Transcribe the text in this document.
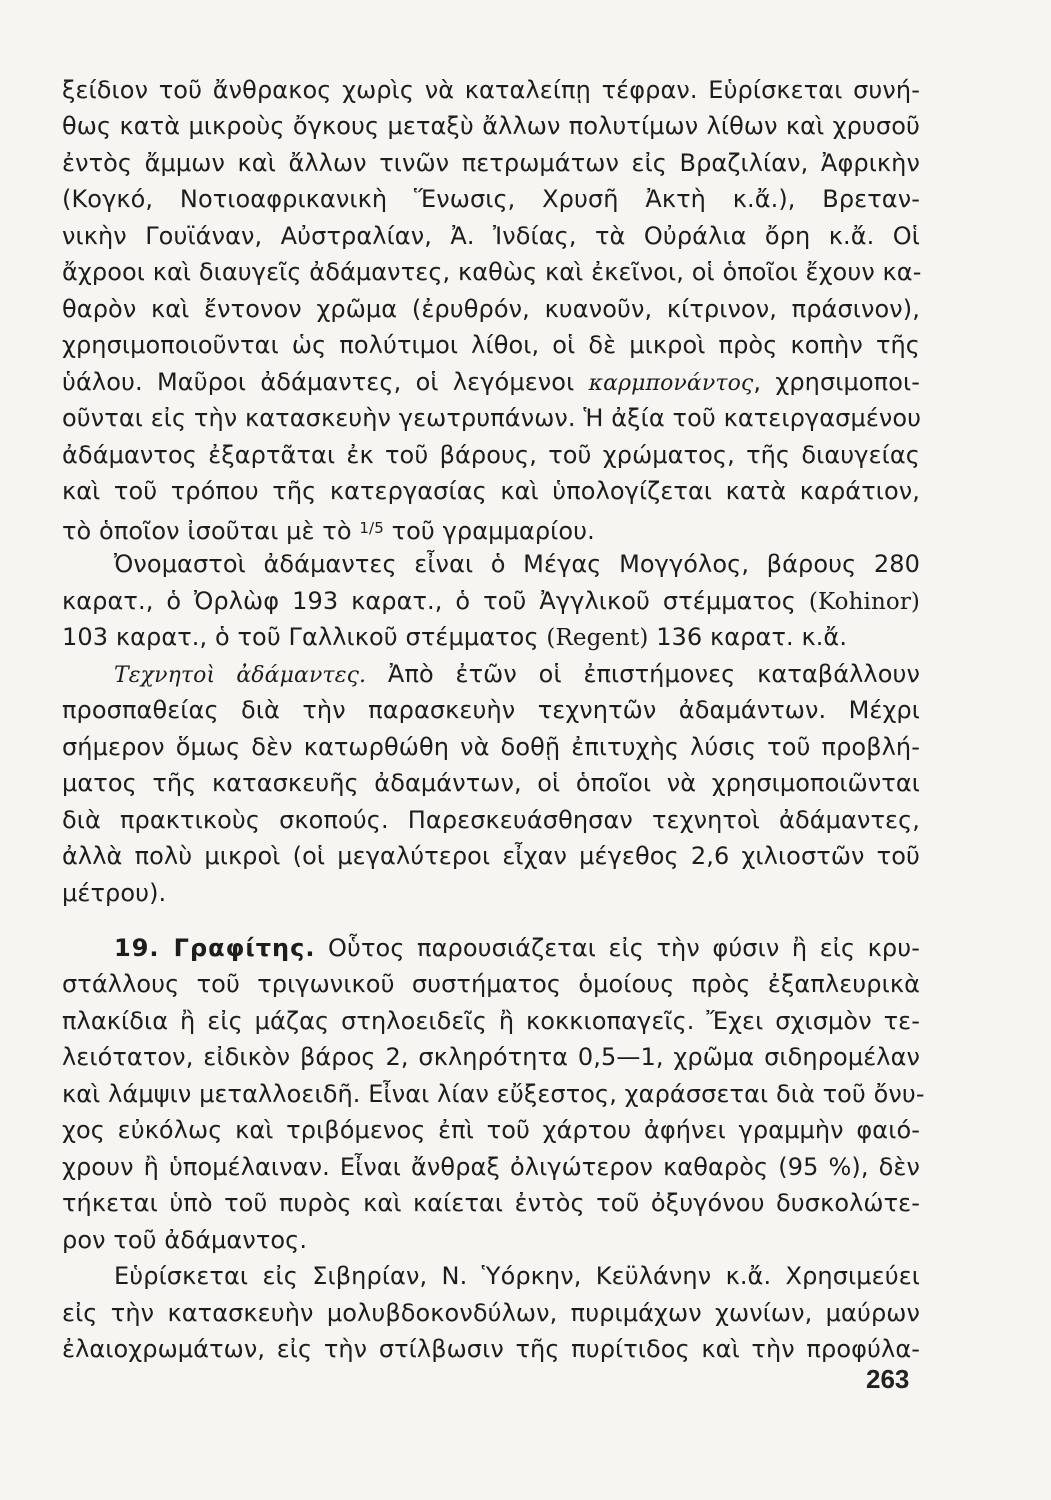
ξείδιον τοῦ ἄνθρακος χωρὶς νὰ καταλείπῃ τέφραν. Εὑρίσκεται συνή-
θως κατὰ μικροὺς ὄγκους μεταξὺ ἄλλων πολυτίμων λίθων καὶ χρυσοῦ
ἐντὸς ἄμμων καὶ ἄλλων τινῶν πετρωμάτων εἰς Βραζιλίαν, Ἀφρικὴν
(Κογκό, Νοτιοαφρικανικὴ Ἕνωσις, Χρυσῆ Ἀκτὴ κ.ἄ.), Βρεταν-
νικὴν Γουϊάναν, Αὐστραλίαν, Ἀ. Ἰνδίας, τὰ Οὐράλια ὄρη κ.ἄ. Οἱ
ἄχροοι καὶ διαυγεῖς ἀδάμαντες, καθὼς καὶ ἐκεῖνοι, οἱ ὁποῖοι ἔχουν κα-
θαρὸν καὶ ἔντονον χρῶμα (ἐρυθρόν, κυανοῦν, κίτρινον, πράσινον),
χρησιμοποιοῦνται ὡς πολύτιμοι λίθοι, οἱ δὲ μικροὶ πρὸς κοπὴν τῆς
ὑάλου. Μαῦροι ἀδάμαντες, οἱ λεγόμενοι καρμπονάντος, χρησιμοποι-
οῦνται εἰς τὴν κατασκευὴν γεωτρυπάνων. Ἡ ἀξία τοῦ κατειργασμένου
ἀδάμαντος ἐξαρτᾶται ἐκ τοῦ βάρους, τοῦ χρώματος, τῆς διαυγείας
καὶ τοῦ τρόπου τῆς κατεργασίας καὶ ὑπολογίζεται κατὰ καράτιον,
τὸ ὁποῖον ἰσοῦται μὲ τὸ $^{1/5}$ τοῦ γραμμαρίου.
Ὀνομαστοὶ ἀδάμαντες εἶναι ὁ Μέγας Μογγόλος, βάρους 280
καρατ., ὁ Ὀρλὼφ 193 καρατ., ὁ τοῦ Ἀγγλικοῦ στέμματος (Kohinor)
103 καρατ., ὁ τοῦ Γαλλικοῦ στέμματος (Regent) 136 καρατ. κ.ἄ.
Τεχνητοὶ ἀδάμαντες. Ἀπὸ ἐτῶν οἱ ἐπιστήμονες καταβάλλουν
προσπαθείας διὰ τὴν παρασκευὴν τεχνητῶν ἀδαμάντων. Μέχρι
σήμερον ὅμως δὲν κατωρθώθη νὰ δοθῇ ἐπιτυχὴς λύσις τοῦ προβλή-
ματος τῆς κατασκευῆς ἀδαμάντων, οἱ ὁποῖοι νὰ χρησιμοποιῶνται
διὰ πρακτικοὺς σκοπούς. Παρεσκευάσθησαν τεχνητοὶ ἀδάμαντες,
ἀλλὰ πολὺ μικροὶ (οἱ μεγαλύτεροι εἶχαν μέγεθος 2,6 χιλιοστῶν τοῦ
μέτρου).
19. Γραφίτης. Οὗτος παρουσιάζεται εἰς τὴν φύσιν ἢ εἰς κρυ-
στάλλους τοῦ τριγωνικοῦ συστήματος ὁμοίους πρὸς ἐξαπλευρικὰ
πλακίδια ἢ εἰς μάζας στηλοειδεῖς ἢ κοκκιοπαγεῖς. Ἔχει σχισμὸν τε-
λειότατον, εἰδικὸν βάρος 2, σκληρότητα 0,5—1, χρῶμα σιδηρομέλαν
καὶ λάμψιν μεταλλοειδῆ. Εἶναι λίαν εὔξεστος, χαράσσεται διὰ τοῦ ὄνυ-
χος εὐκόλως καὶ τριβόμενος ἐπὶ τοῦ χάρτου ἀφήνει γραμμὴν φαιό-
χρουν ἢ ὑπομέλαιναν. Εἶναι ἄνθραξ ὀλιγώτερον καθαρὸς (95 %), δὲν
τήκεται ὑπὸ τοῦ πυρὸς καὶ καίεται ἐντὸς τοῦ ὀξυγόνου δυσκολώτε-
ρον τοῦ ἀδάμαντος.
Εὑρίσκεται εἰς Σιβηρίαν, Ν. Ὑόρκην, Κεϋλάνην κ.ἄ. Χρησιμεύει
εἰς τὴν κατασκευὴν μολυβδοκονδύλων, πυριμάχων χωνίων, μαύρων
ἐλαιοχρωμάτων, εἰς τὴν στίλβωσιν τῆς πυρίτιδος καὶ τὴν προφύλα-
263
